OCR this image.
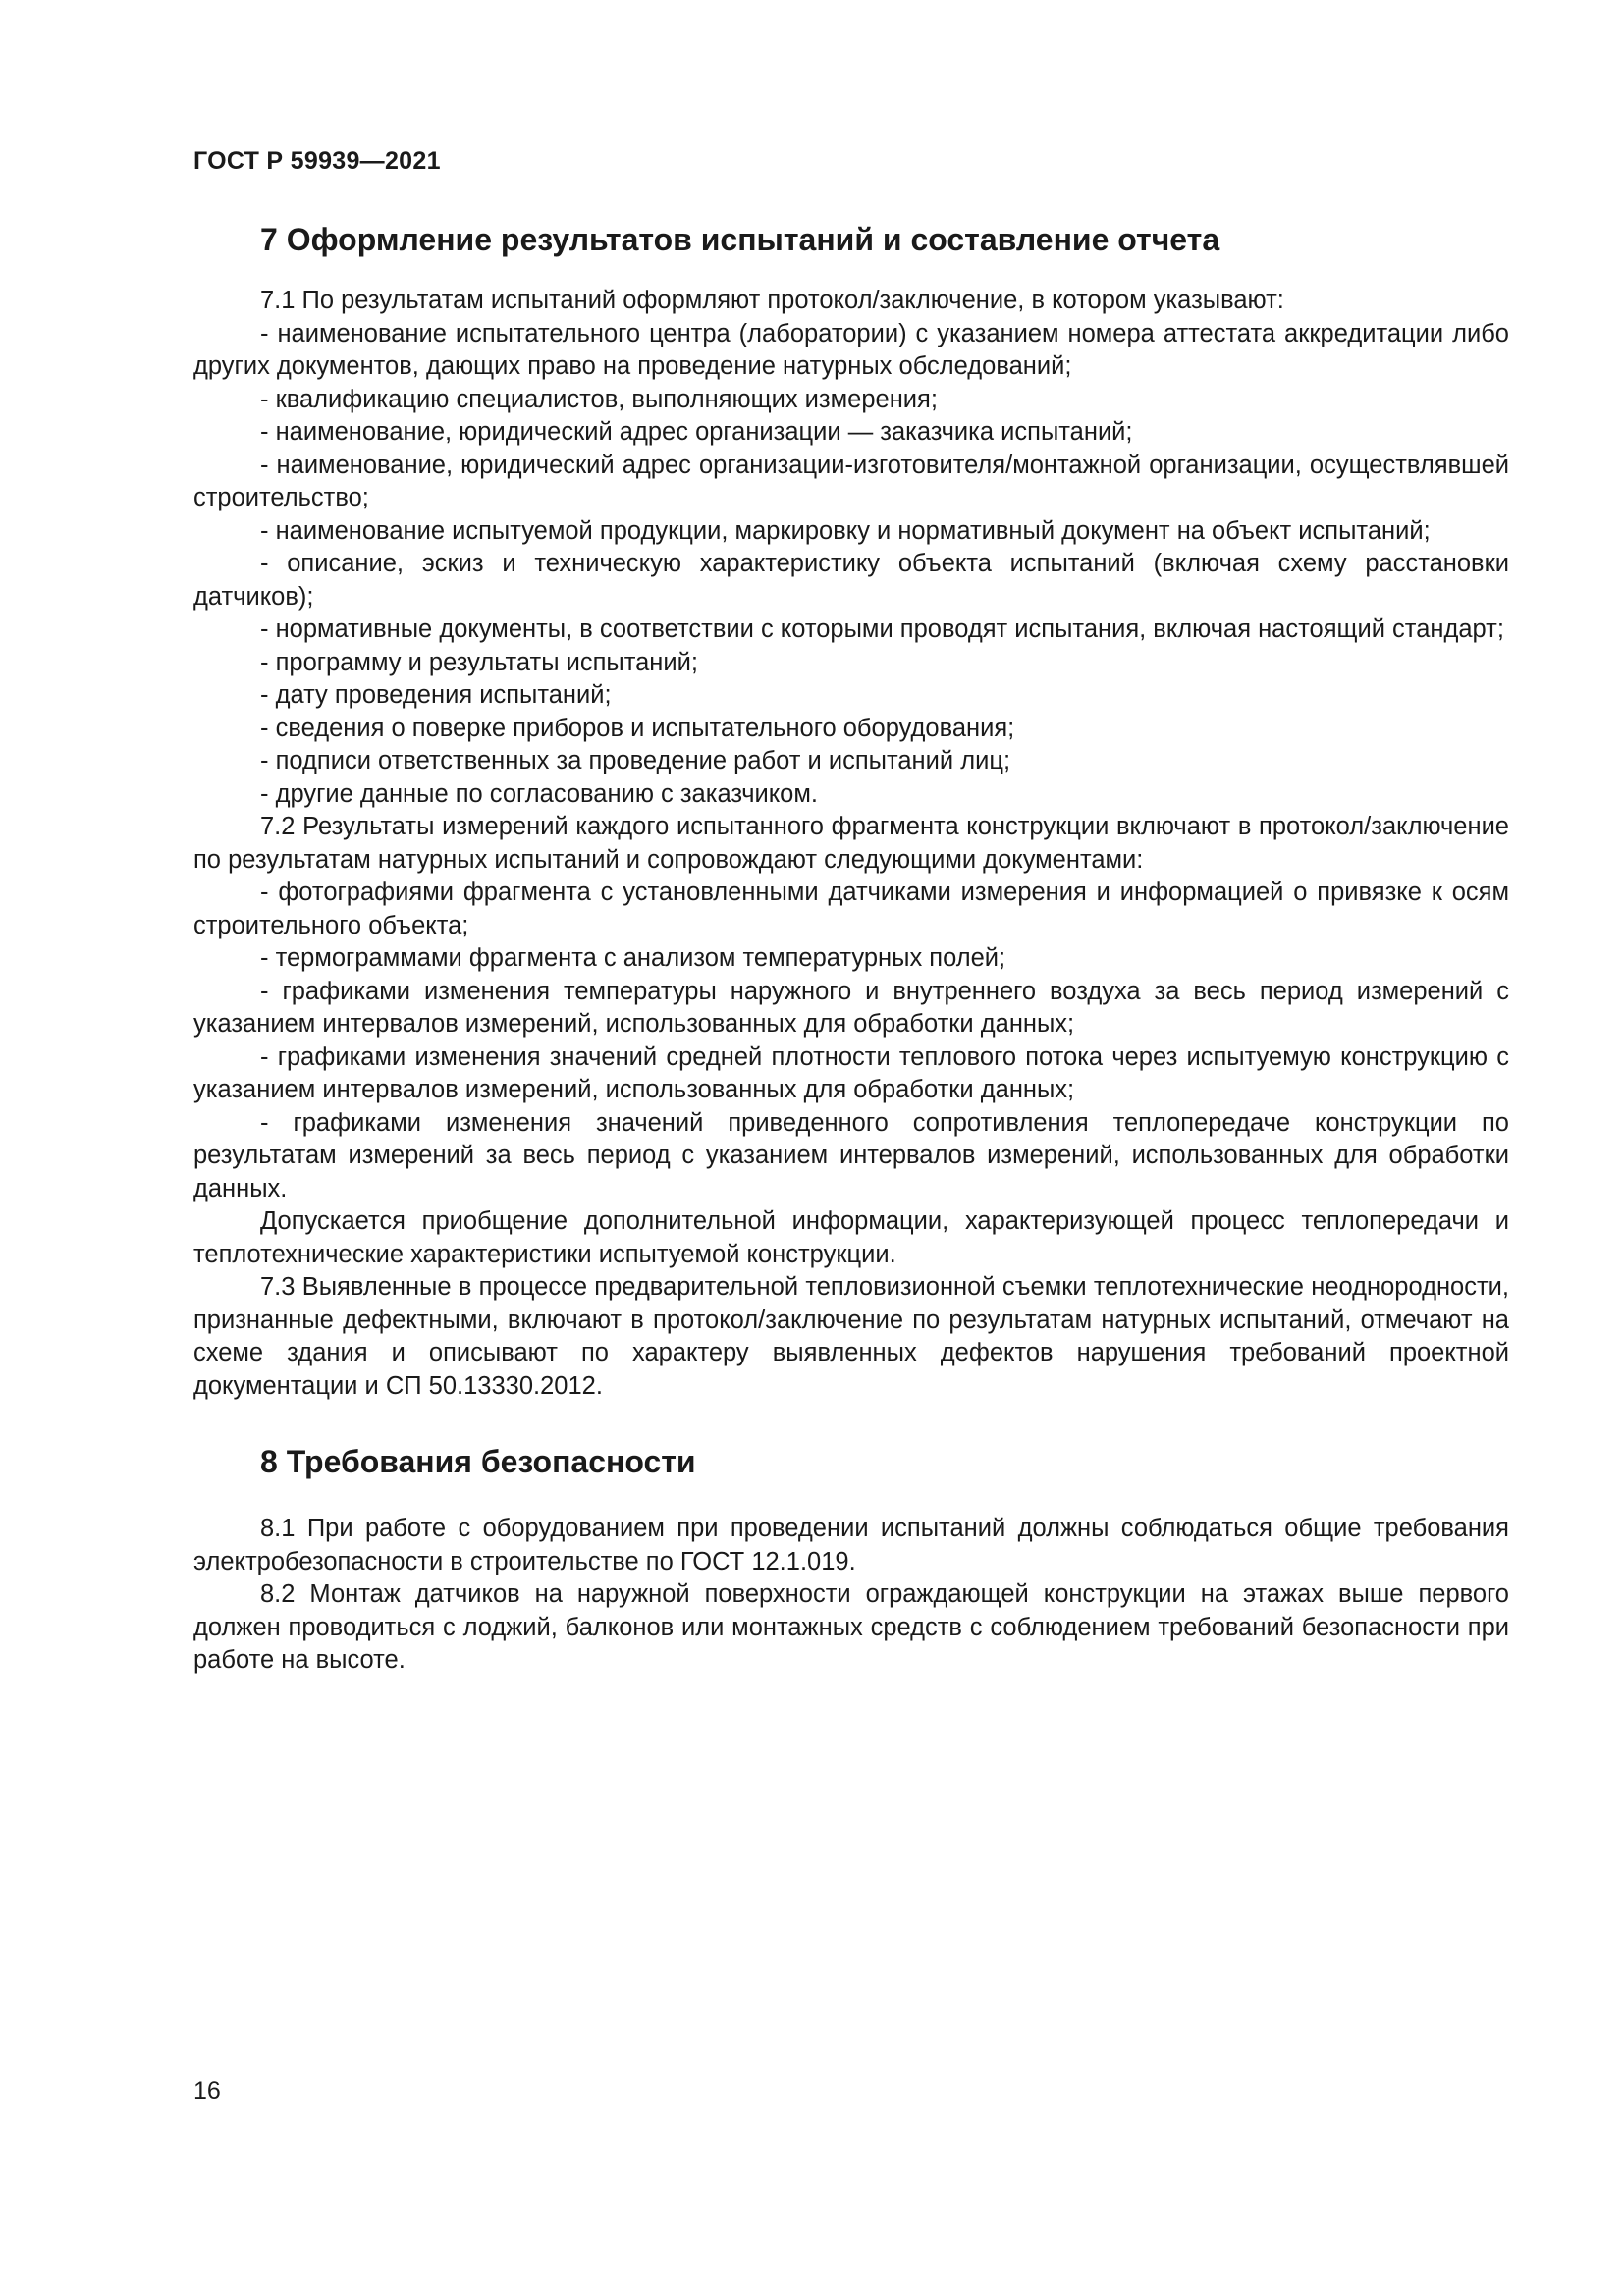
ГОСТ Р 59939—2021
7 Оформление результатов испытаний и составление отчета

7.1 По результатам испытаний оформляют протокол/заключение, в котором указывают:

- наименование испытательного центра (лаборатории) с указанием номера аттестата аккредитации либо других документов, дающих право на проведение натурных обследований;

- квалификацию специалистов, выполняющих измерения;

- наименование, юридический адрес организации — заказчика испытаний;

- наименование, юридический адрес организации-изготовителя/монтажной организации, осуществлявшей строительство;

- наименование испытуемой продукции, маркировку и нормативный документ на объект испытаний;

- описание, эскиз и техническую характеристику объекта испытаний (включая схему расстановки датчиков);

- нормативные документы, в соответствии с которыми проводят испытания, включая настоящий стандарт;

- программу и результаты испытаний;

- дату проведения испытаний;

- сведения о поверке приборов и испытательного оборудования;

- подписи ответственных за проведение работ и испытаний лиц;

- другие данные по согласованию с заказчиком.

7.2 Результаты измерений каждого испытанного фрагмента конструкции включают в протокол/заключение по результатам натурных испытаний и сопровождают следующими документами:

- фотографиями фрагмента с установленными датчиками измерения и информацией о привязке к осям строительного объекта;

- термограммами фрагмента с анализом температурных полей;

- графиками изменения температуры наружного и внутреннего воздуха за весь период измерений с указанием интервалов измерений, использованных для обработки данных;

- графиками изменения значений средней плотности теплового потока через испытуемую конструкцию с указанием интервалов измерений, использованных для обработки данных;

- графиками изменения значений приведенного сопротивления теплопередаче конструкции по результатам измерений за весь период с указанием интервалов измерений, использованных для обработки данных.

Допускается приобщение дополнительной информации, характеризующей процесс теплопередачи и теплотехнические характеристики испытуемой конструкции.

7.3 Выявленные в процессе предварительной тепловизионной съемки теплотехнические неоднородности, признанные дефектными, включают в протокол/заключение по результатам натурных испытаний, отмечают на схеме здания и описывают по характеру выявленных дефектов нарушения требований проектной документации и СП 50.13330.2012.

8 Требования безопасности

8.1 При работе с оборудованием при проведении испытаний должны соблюдаться общие требования электробезопасности в строительстве по ГОСТ 12.1.019.

8.2 Монтаж датчиков на наружной поверхности ограждающей конструкции на этажах выше первого должен проводиться с лоджий, балконов или монтажных средств с соблюдением требований безопасности при работе на высоте.

16
